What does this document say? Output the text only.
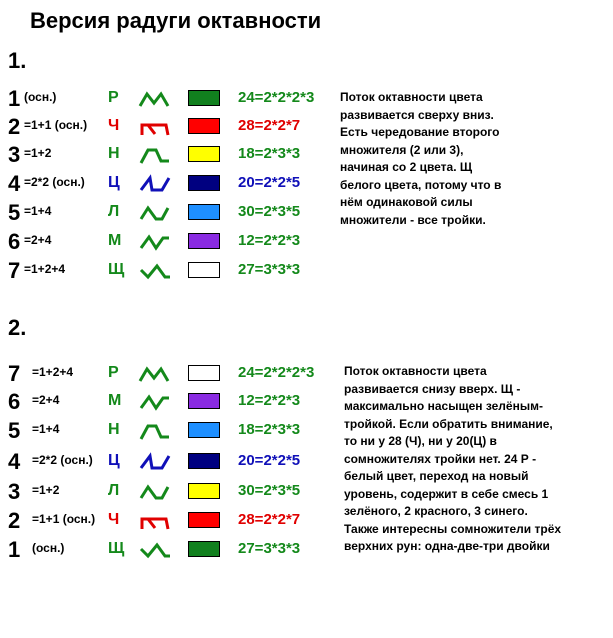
Версия радуги октавности
1.
1 (осн.)	Р	24=2*2*2*3
2 =1+1 (осн.) Ч	28=2*2*7
3 =1+2	Н	18=2*3*3
4 =2*2 (осн.) Ц	20=2*2*5
5 =1+4	Л	30=2*3*5
6 =2+4	М	12=2*2*3
7 =1+2+4	Щ	27=3*3*3
Поток октавности цвета развивается сверху вниз. Есть чередование второго множителя (2 или 3), начиная со 2 цвета. Щ белого цвета, потому что в нём одинаковой силы множители - все тройки.
2.
7 =1+2+4 Р	24=2*2*2*3
6 =2+4	М	12=2*2*3
5 =1+4	Н	18=2*3*3
4 =2*2 (осн.) Ц	20=2*2*5
3 =1+2	Л	30=2*3*5
2 =1+1 (осн.) Ч	28=2*2*7
1 (осн.)	Щ	27=3*3*3
Поток октавности цвета развивается снизу вверх. Щ - максимально насыщен зелёным-тройкой. Если обратить внимание, то ни у 28 (Ч), ни у 20(Ц) в сомножителях тройки нет. 24 Р - белый цвет, переход на новый уровень, содержит в себе смесь 1 зелёного, 2 красного, 3 синего. Также интересны сомножители трёх верхних рун: одна-две-три двойки
